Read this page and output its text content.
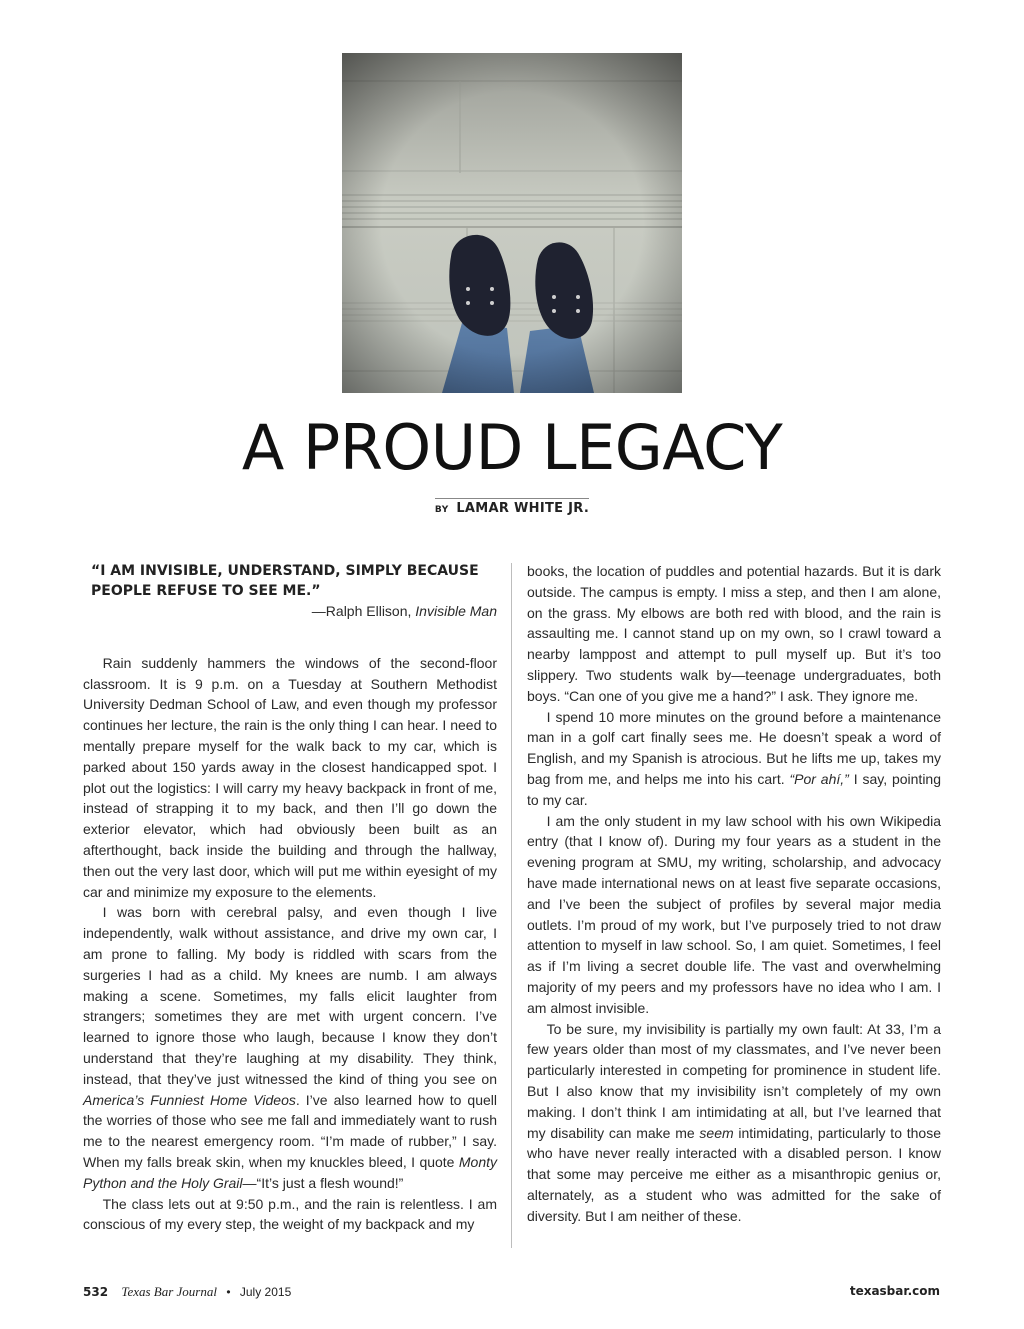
A PROUD LEGACY
BY LAMAR WHITE JR.
“I AM INVISIBLE, UNDERSTAND, SIMPLY BECAUSE PEOPLE REFUSE TO SEE ME.”
—Ralph Ellison, Invisible Man

Rain suddenly hammers the windows of the second-floor classroom. It is 9 p.m. on a Tuesday at Southern Methodist University Dedman School of Law, and even though my professor continues her lecture, the rain is the only thing I can hear. I need to mentally prepare myself for the walk back to my car, which is parked about 150 yards away in the closest handicapped spot. I plot out the logistics: I will carry my heavy backpack in front of me, instead of strapping it to my back, and then I’ll go down the exterior elevator, which had obviously been built as an afterthought, back inside the building and through the hallway, then out the very last door, which will put me within eyesight of my car and minimize my exposure to the elements.

I was born with cerebral palsy, and even though I live independently, walk without assistance, and drive my own car, I am prone to falling. My body is riddled with scars from the surgeries I had as a child. My knees are numb. I am always making a scene. Sometimes, my falls elicit laughter from strangers; sometimes they are met with urgent concern. I’ve learned to ignore those who laugh, because I know they don’t understand that they’re laughing at my disability. They think, instead, that they’ve just witnessed the kind of thing you see on America’s Funniest Home Videos. I’ve also learned how to quell the worries of those who see me fall and immediately want to rush me to the nearest emergency room. “I’m made of rubber,” I say. When my falls break skin, when my knuckles bleed, I quote Monty Python and the Holy Grail—“It’s just a flesh wound!”

The class lets out at 9:50 p.m., and the rain is relentless. I am conscious of my every step, the weight of my backpack and my

books, the location of puddles and potential hazards. But it is dark outside. The campus is empty. I miss a step, and then I am alone, on the grass. My elbows are both red with blood, and the rain is assaulting me. I cannot stand up on my own, so I crawl toward a nearby lamppost and attempt to pull myself up. But it’s too slippery. Two students walk by—teenage undergraduates, both boys. “Can one of you give me a hand?” I ask. They ignore me.

I spend 10 more minutes on the ground before a maintenance man in a golf cart finally sees me. He doesn’t speak a word of English, and my Spanish is atrocious. But he lifts me up, takes my bag from me, and helps me into his cart. “Por ahí,” I say, pointing to my car.

I am the only student in my law school with his own Wikipedia entry (that I know of). During my four years as a student in the evening program at SMU, my writing, scholarship, and advocacy have made international news on at least five separate occasions, and I’ve been the subject of profiles by several major media outlets. I’m proud of my work, but I’ve purposely tried to not draw attention to myself in law school. So, I am quiet. Sometimes, I feel as if I’m living a secret double life. The vast and overwhelming majority of my peers and my professors have no idea who I am. I am almost invisible.

To be sure, my invisibility is partially my own fault: At 33, I’m a few years older than most of my classmates, and I’ve never been particularly interested in competing for prominence in student life. But I also know that my invisibility isn’t completely of my own making. I don’t think I am intimidating at all, but I’ve learned that my disability can make me seem intimidating, particularly to those who have never really interacted with a disabled person. I know that some may perceive me either as a misanthropic genius or, alternately, as a student who was admitted for the sake of diversity. But I am neither of these.

532 Texas Bar Journal • July 2015	texasbar.com
